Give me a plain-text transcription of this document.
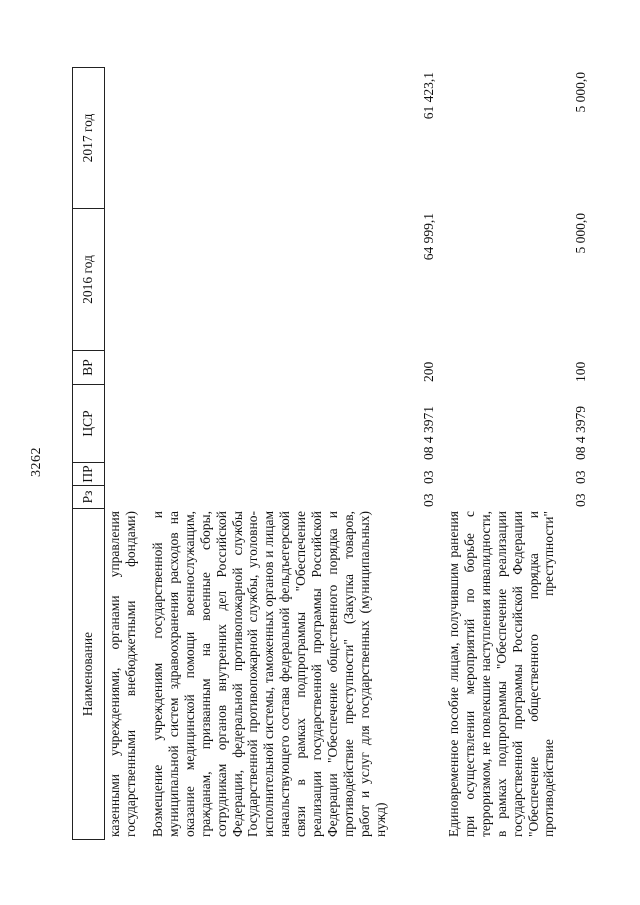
3262
Наименование
Рз
ПР
ЦСР
ВР
2016 год
2017 год
казенными учреждениями, органами управления государственными внебюджетными фондами) Возмещение учреждениям государственной и муниципальной систем здравоохранения расходов на оказание медицинской помощи военнослужащим, гражданам, призванным на военные сборы, сотрудникам органов внутренних дел Российской Федерации, федеральной противопожарной службы Государственной противопожарной службы, уголовно-исполнительной системы, таможенных органов и лицам начальствующего состава федеральной фельдъегерской связи в рамках подпрограммы "Обеспечение реализации государственной программы Российской Федерации "Обеспечение общественного порядка и противодействие преступности" (Закупка товаров, работ и услуг для государственных (муниципальных) нужд)
03
03
08 4 3971
200
64 999,1
61 423,1
Единовременное пособие лицам, получившим ранения при осуществлении мероприятий по борьбе с терроризмом, не повлекшие наступления инвалидности, в рамках подпрограммы "Обеспечение реализации государственной программы Российской Федерации "Обеспечение общественного порядка и противодействие преступности"
03
03
08 4 3979
100
5 000,0
5 000,0
